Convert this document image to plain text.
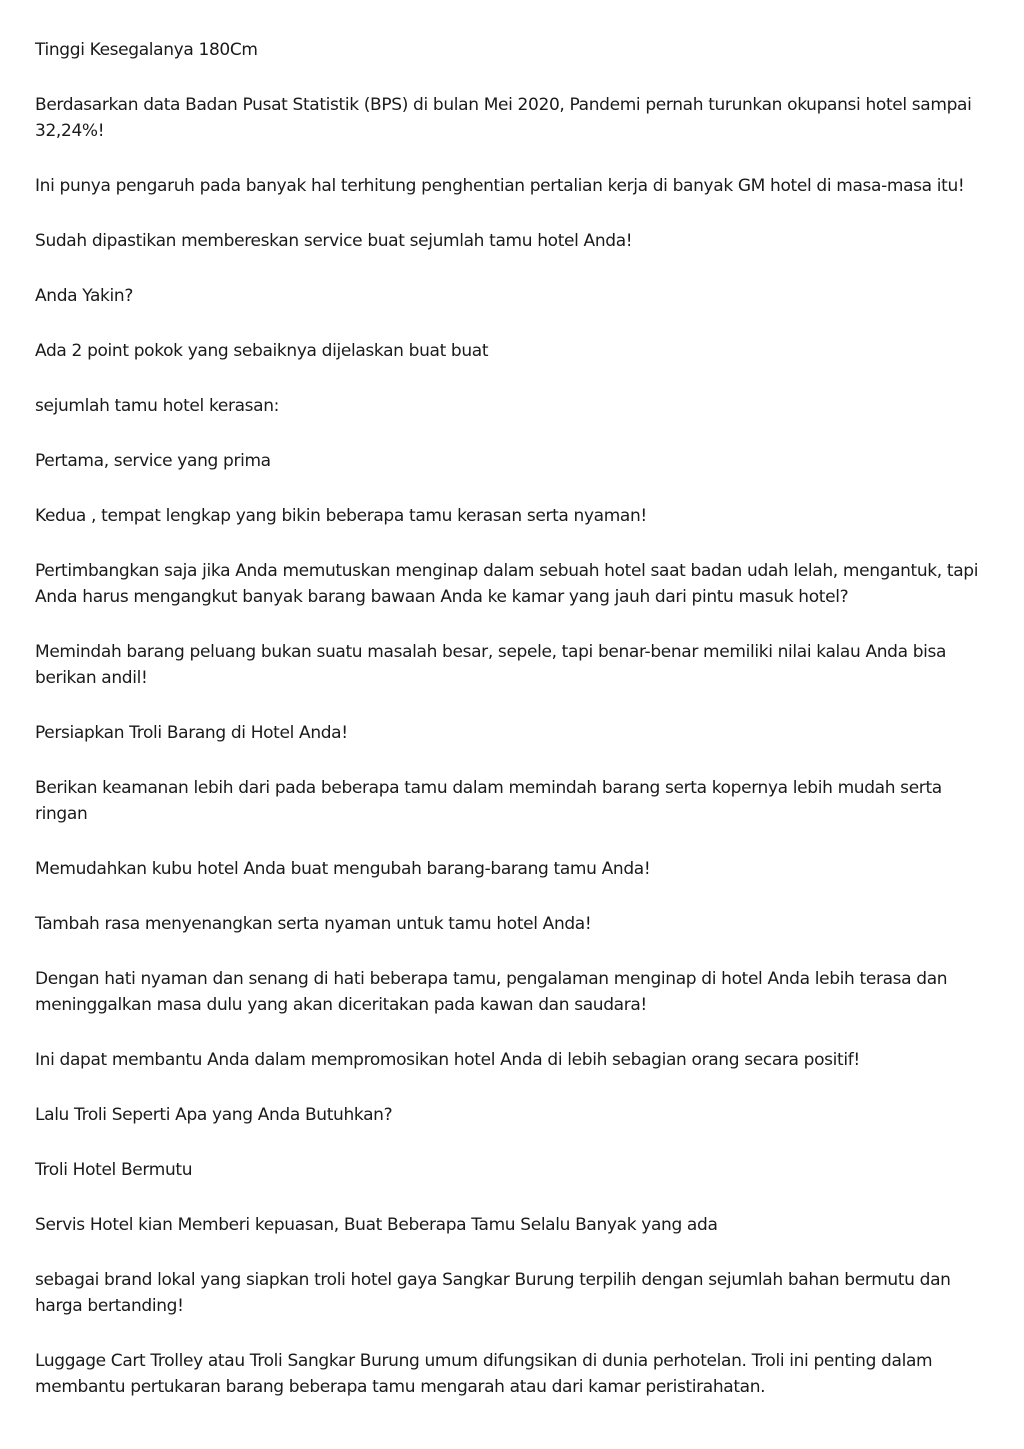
Tinggi Kesegalanya 180Cm

Berdasarkan data Badan Pusat Statistik (BPS) di bulan Mei 2020, Pandemi pernah turunkan okupansi hotel sampai 32,24%!

Ini punya pengaruh pada banyak hal terhitung penghentian pertalian kerja di banyak GM hotel di masa-masa itu!

Sudah dipastikan membereskan service buat sejumlah tamu hotel Anda!

Anda Yakin?

Ada 2 point pokok yang sebaiknya dijelaskan buat buat

sejumlah tamu hotel kerasan:

Pertama, service yang prima

Kedua , tempat lengkap yang bikin beberapa tamu kerasan serta nyaman!

Pertimbangkan saja jika Anda memutuskan menginap dalam sebuah hotel saat badan udah lelah, mengantuk, tapi Anda harus mengangkut banyak barang bawaan Anda ke kamar yang jauh dari pintu masuk hotel?

Memindah barang peluang bukan suatu masalah besar, sepele, tapi benar-benar memiliki nilai kalau Anda bisa berikan andil!

Persiapkan Troli Barang di Hotel Anda!

Berikan keamanan lebih dari pada beberapa tamu dalam memindah barang serta kopernya lebih mudah serta ringan

Memudahkan kubu hotel Anda buat mengubah barang-barang tamu Anda!

Tambah rasa menyenangkan serta nyaman untuk tamu hotel Anda!

Dengan hati nyaman dan senang di hati beberapa tamu, pengalaman menginap di hotel Anda lebih terasa dan meninggalkan masa dulu yang akan diceritakan pada kawan dan saudara!

Ini dapat membantu Anda dalam mempromosikan hotel Anda di lebih sebagian orang secara positif!

Lalu Troli Seperti Apa yang Anda Butuhkan?

Troli Hotel Bermutu

Servis Hotel kian Memberi kepuasan, Buat Beberapa Tamu Selalu Banyak yang ada

sebagai brand lokal yang siapkan troli hotel gaya Sangkar Burung terpilih dengan sejumlah bahan bermutu dan harga bertanding!

Luggage Cart Trolley atau Troli Sangkar Burung umum difungsikan di dunia perhotelan. Troli ini penting dalam membantu pertukaran barang beberapa tamu mengarah atau dari kamar peristirahatan.
